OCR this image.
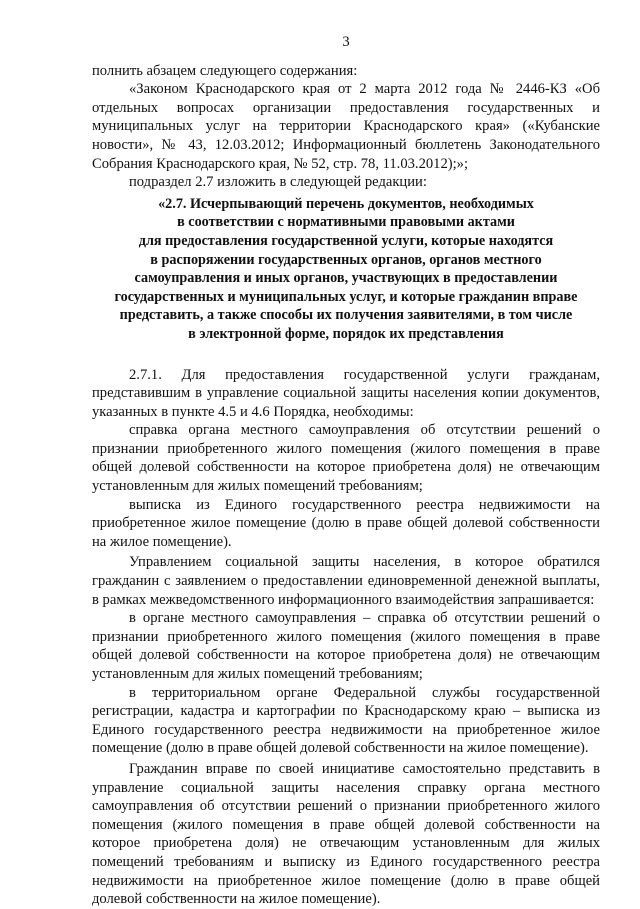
3

полнить абзацем следующего содержания:

«Законом Краснодарского края от 2 марта 2012 года № 2446-КЗ «Об отдельных вопросах организации предоставления государственных и муниципальных услуг на территории Краснодарского края» («Кубанские новости», № 43, 12.03.2012; Информационный бюллетень Законодательного Собрания Краснодарского края, № 52, стр. 78, 11.03.2012);»;

подраздел 2.7 изложить в следующей редакции:

«2.7. Исчерпывающий перечень документов, необходимых
в соответствии с нормативными правовыми актами
для предоставления государственной услуги, которые находятся
в распоряжении государственных органов, органов местного
самоуправления и иных органов, участвующих в предоставлении
государственных и муниципальных услуг, и которые гражданин вправе
представить, а также способы их получения заявителями, в том числе
в электронной форме, порядок их представления

2.7.1. Для предоставления государственной услуги гражданам, представившим в управление социальной защиты населения копии документов, указанных в пункте 4.5 и 4.6 Порядка, необходимы:

справка органа местного самоуправления об отсутствии решений о признании приобретенного жилого помещения (жилого помещения в праве общей долевой собственности на которое приобретена доля) не отвечающим установленным для жилых помещений требованиям;

выписка из Единого государственного реестра недвижимости на приобретенное жилое помещение (долю в праве общей долевой собственности на жилое помещение).

Управлением социальной защиты населения, в которое обратился гражданин с заявлением о предоставлении единовременной денежной выплаты, в рамках межведомственного информационного взаимодействия запрашивается:

в органе местного самоуправления – справка об отсутствии решений о признании приобретенного жилого помещения (жилого помещения в праве общей долевой собственности на которое приобретена доля) не отвечающим установленным для жилых помещений требованиям;

в территориальном органе Федеральной службы государственной регистрации, кадастра и картографии по Краснодарскому краю – выписка из Единого государственного реестра недвижимости на приобретенное жилое помещение (долю в праве общей долевой собственности на жилое помещение).

Гражданин вправе по своей инициативе самостоятельно представить в управление социальной защиты населения справку органа местного самоуправления об отсутствии решений о признании приобретенного жилого помещения (жилого помещения в праве общей долевой собственности на которое приобретена доля) не отвечающим установленным для жилых помещений требованиям и выписку из Единого государственного реестра недвижимости на приобретенное жилое помещение (долю в праве общей долевой собственности на жилое помещение).
